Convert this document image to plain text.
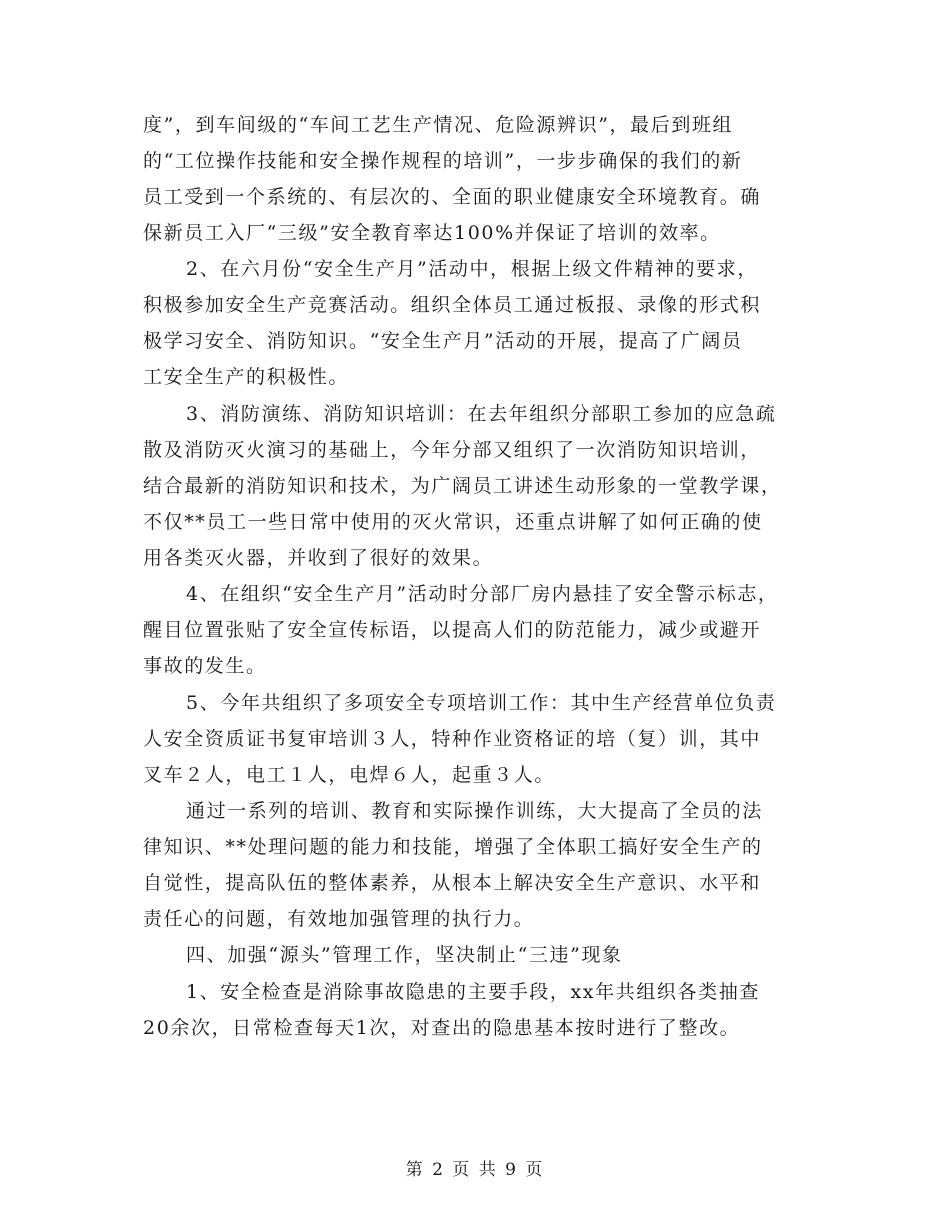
度”，到车间级的“车间工艺生产情况、危险源辨识”，最后到班组
的“工位操作技能和安全操作规程的培训”，一步步确保的我们的新
员工受到一个系统的、有层次的、全面的职业健康安全环境教育。确
保新员工入厂“三级”安全教育率达100%并保证了培训的效率。
2、在六月份“安全生产月”活动中，根据上级文件精神的要求，
积极参加安全生产竞赛活动。组织全体员工通过板报、录像的形式积
极学习安全、消防知识。“安全生产月”活动的开展，提高了广阔员
工安全生产的积极性。
3、消防演练、消防知识培训：在去年组织分部职工参加的应急疏
散及消防灭火演习的基础上，今年分部又组织了一次消防知识培训，
结合最新的消防知识和技术，为广阔员工讲述生动形象的一堂教学课，
不仅**员工一些日常中使用的灭火常识，还重点讲解了如何正确的使
用各类灭火器，并收到了很好的效果。
4、在组织“安全生产月”活动时分部厂房内悬挂了安全警示标志，
醒目位置张贴了安全宣传标语，以提高人们的防范能力，减少或避开
事故的发生。
5、今年共组织了多项安全专项培训工作：其中生产经营单位负责
人安全资质证书复审培训３人，特种作业资格证的培（复）训，其中
叉车２人，电工１人，电焊６人，起重３人。
通过一系列的培训、教育和实际操作训练，大大提高了全员的法
律知识、**处理问题的能力和技能，增强了全体职工搞好安全生产的
自觉性，提高队伍的整体素养，从根本上解决安全生产意识、水平和
责任心的问题，有效地加强管理的执行力。
四、加强“源头”管理工作，坚决制止“三违”现象
1、安全检查是消除事故隐患的主要手段，xx年共组织各类抽查
20余次，日常检查每天1次，对查出的隐患基本按时进行了整改。
第 2 页 共 9 页
